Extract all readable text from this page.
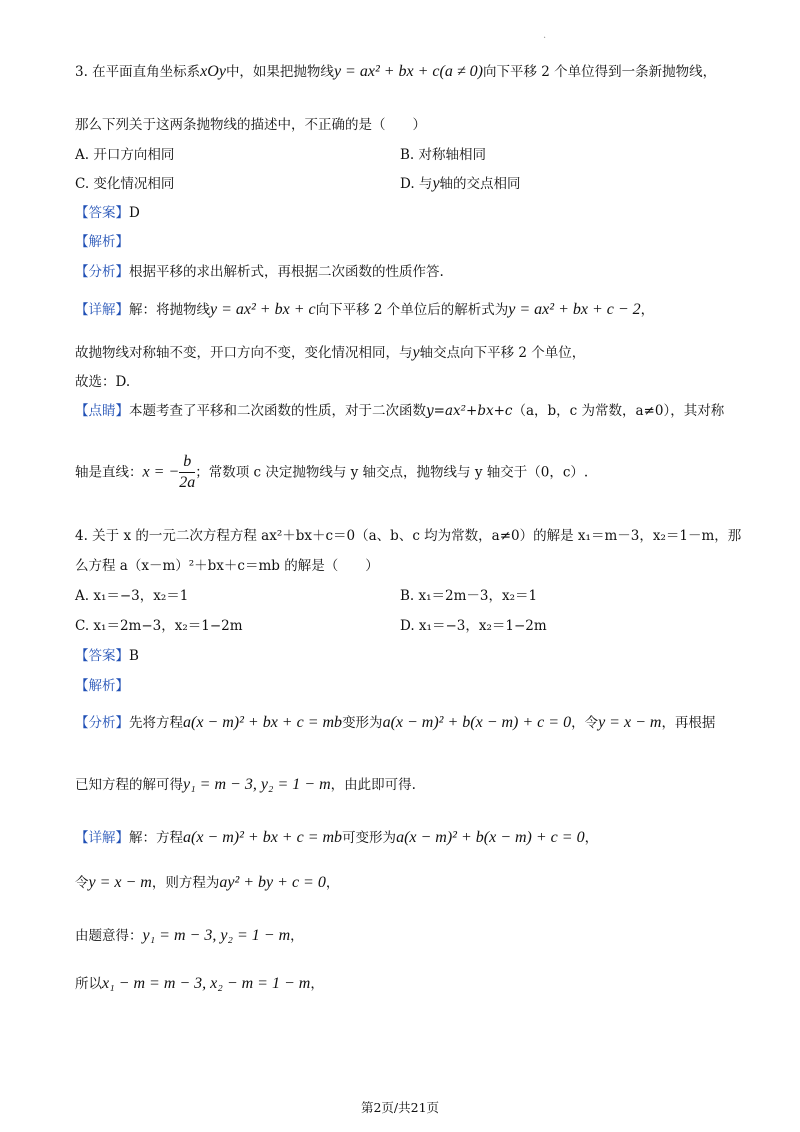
.
3. 在平面直角坐标系xOy中，如果把抛物线y = ax² + bx + c(a ≠ 0)向下平移 2 个单位得到一条新抛物线，
那么下列关于这两条抛物线的描述中，不正确的是（　　）
A. 开口方向相同	B. 对称轴相同
C. 变化情况相同	D. 与y轴的交点相同
【答案】D
【解析】
【分析】根据平移的求出解析式，再根据二次函数的性质作答.
【详解】解：将抛物线y = ax² + bx + c向下平移 2 个单位后的解析式为y = ax² + bx + c − 2，
故抛物线对称轴不变，开口方向不变，变化情况相同，与y轴交点向下平移 2 个单位，
故选：D.
【点睛】本题考查了平移和二次函数的性质，对于二次函数y=ax²+bx+c（a，b，c 为常数，a≠0），其对称
轴是直线：x = − $\frac{b}{2a}$ ；常数项 c 决定抛物线与 y 轴交点，抛物线与 y 轴交于（0，c）.
4. 关于 x 的一元二次方程方程 ax²＋bx＋c＝0（a、b、c 均为常数，a≠0）的解是 x₁＝m－3，x₂＝1－m，那
么方程 a（x－m）²＋bx＋c＝mb 的解是（　　）
A. x₁＝−3，x₂＝1	B. x₁＝2m－3，x₂＝1
C. x₁＝2m−3，x₂＝1−2m	D. x₁＝−3，x₂＝1−2m
【答案】B
【解析】
【分析】先将方程a(x − m)² + bx + c = mb变形为a(x − m)² + b(x − m) + c = 0，令y = x − m，再根据
已知方程的解可得y₁ = m − 3, y₂ = 1 − m，由此即可得.
【详解】解：方程a(x − m)² + bx + c = mb可变形为a(x − m)² + b(x − m) + c = 0，
令y = x − m，则方程为ay² + by + c = 0，
由题意得：y₁ = m − 3, y₂ = 1 − m，
所以x₁ − m = m − 3, x₂ − m = 1 − m，
第2页/共21页
